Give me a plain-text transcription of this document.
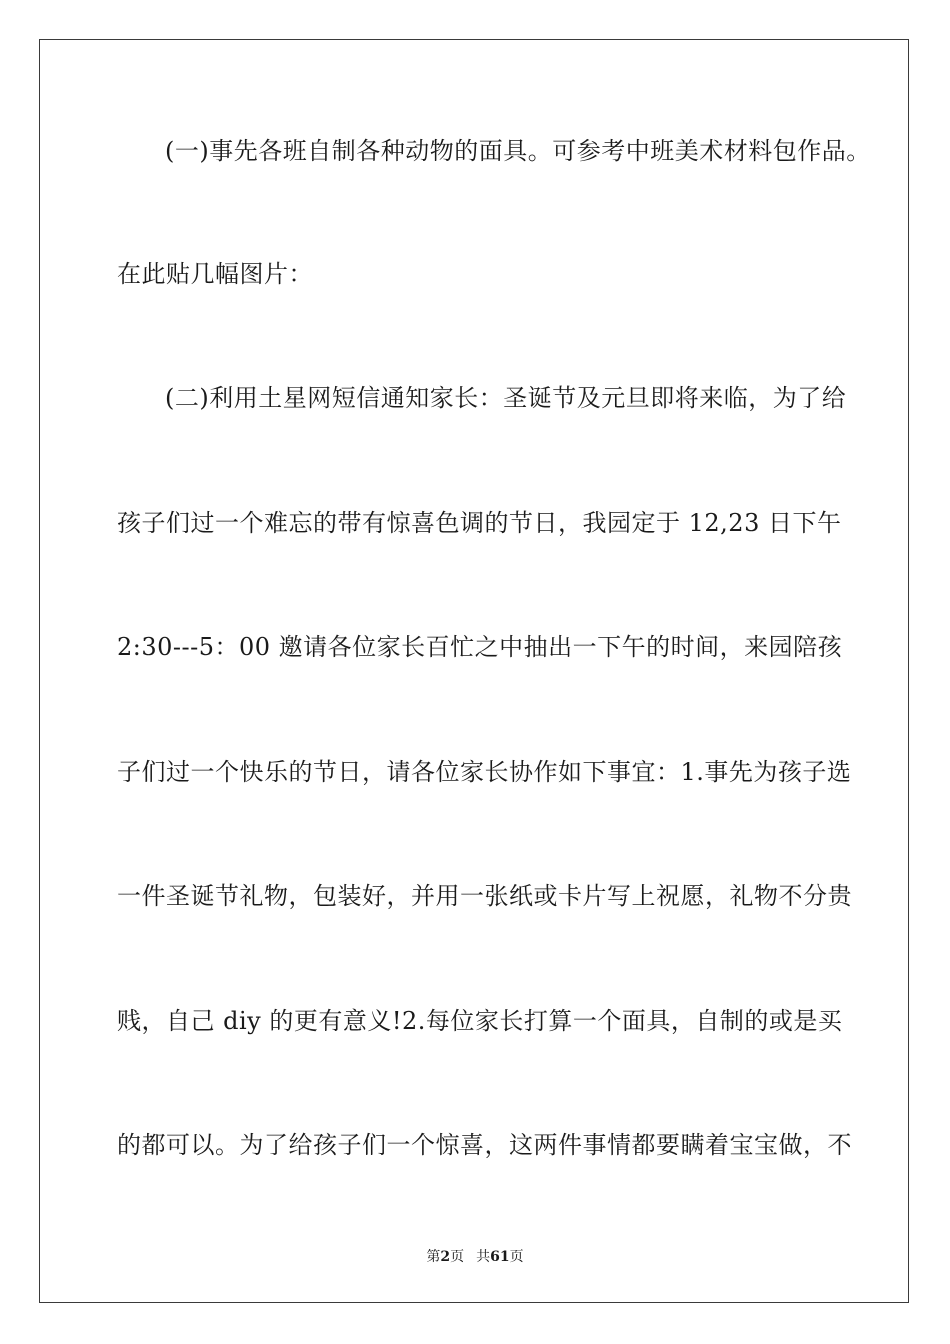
(一)事先各班自制各种动物的面具。可参考中班美术材料包作品。
在此贴几幅图片：
(二)利用土星网短信通知家长：圣诞节及元旦即将来临，为了给
孩子们过一个难忘的带有惊喜色调的节日，我园定于 12,23 日下午
2:30---5：00 邀请各位家长百忙之中抽出一下午的时间，来园陪孩
子们过一个快乐的节日，请各位家长协作如下事宜：1.事先为孩子选
一件圣诞节礼物，包装好，并用一张纸或卡片写上祝愿，礼物不分贵
贱，自己 diy 的更有意义!2.每位家长打算一个面具，自制的或是买
的都可以。为了给孩子们一个惊喜，这两件事情都要瞒着宝宝做，不
第2页 共61页
